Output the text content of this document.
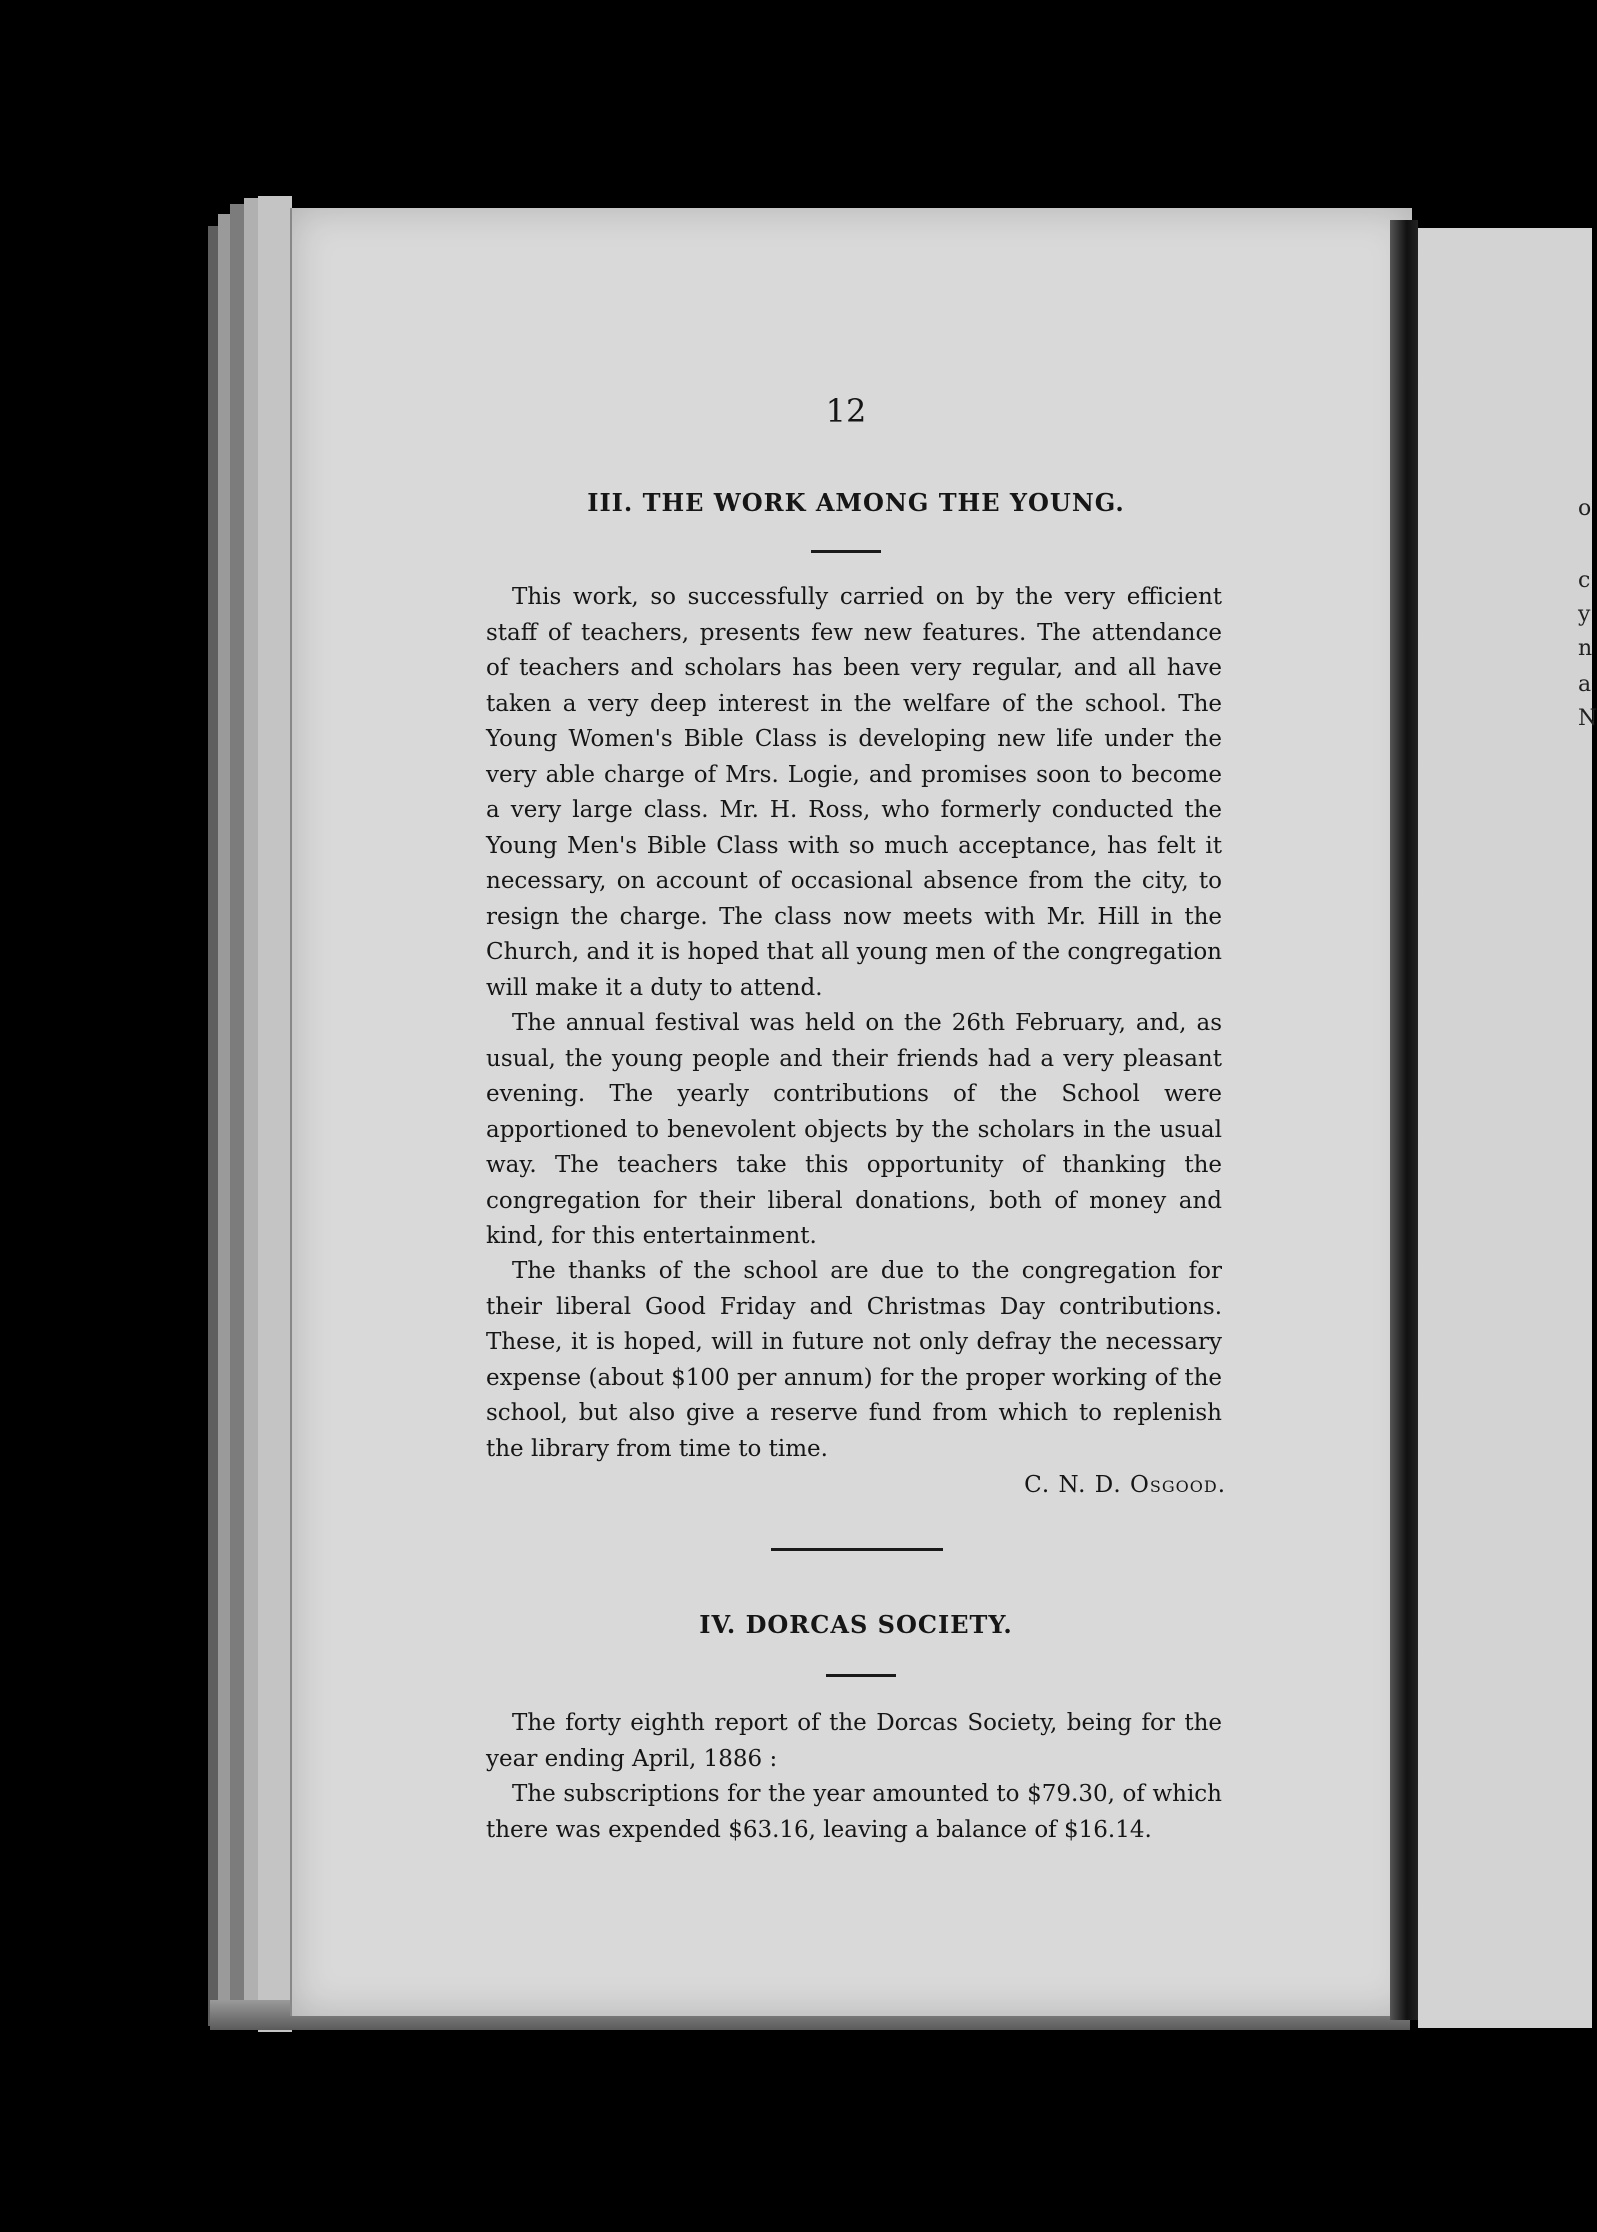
12
III. THE WORK AMONG THE YOUNG.

This work, so successfully carried on by the very efficient staff of teachers, presents few new features. The attendance of teachers and scholars has been very regular, and all have taken a very deep interest in the welfare of the school. The Young Women's Bible Class is developing new life under the very able charge of Mrs. Logie, and promises soon to become a very large class. Mr. H. Ross, who formerly conducted the Young Men's Bible Class with so much acceptance, has felt it necessary, on account of occasional absence from the city, to resign the charge. The class now meets with Mr. Hill in the Church, and it is hoped that all young men of the congregation will make it a duty to attend.

The annual festival was held on the 26th February, and, as usual, the young people and their friends had a very pleasant evening. The yearly contributions of the School were apportioned to benevolent objects by the scholars in the usual way. The teachers take this opportunity of thanking the congregation for their liberal donations, both of money and kind, for this entertainment.

The thanks of the school are due to the congregation for their liberal Good Friday and Christmas Day contributions. These, it is hoped, will in future not only defray the necessary expense (about $100 per annum) for the proper working of the school, but also give a reserve fund from which to replenish the library from time to time.

C. N. D. Osgood.
IV. DORCAS SOCIETY.

The forty eighth report of the Dorcas Society, being for the year ending April, 1886 :

The subscriptions for the year amounted to $79.30, of which there was expended $63.16, leaving a balance of $16.14.

o
c
y
n
a
N
